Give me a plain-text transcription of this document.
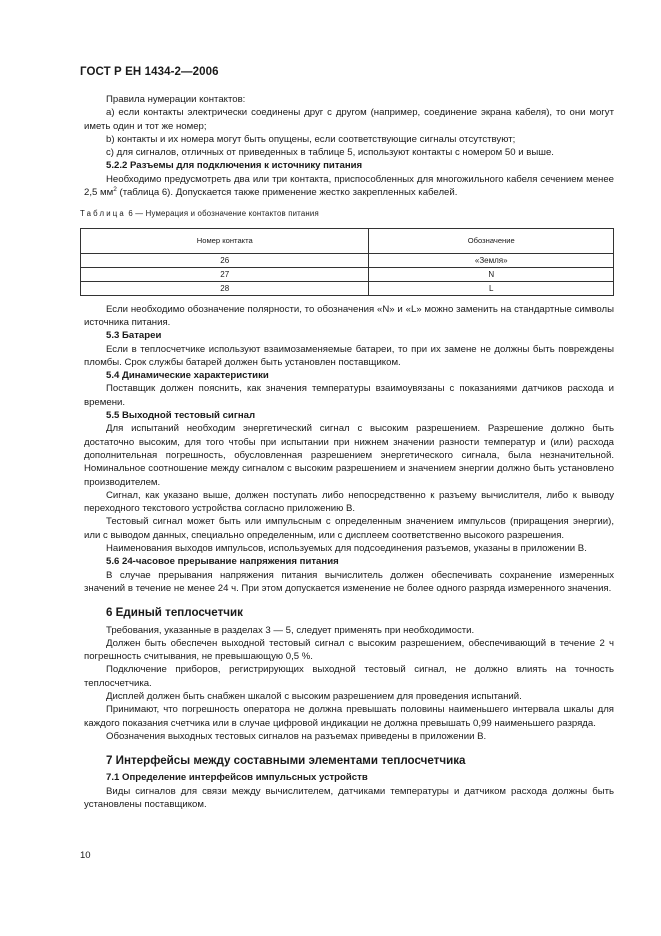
ГОСТ Р ЕН 1434-2—2006

Правила нумерации контактов:

а) если контакты электрически соединены друг с другом (например, соединение экрана кабеля), то они могут иметь один и тот же номер;

b) контакты и их номера могут быть опущены, если соответствующие сигналы отсутствуют;

с) для сигналов, отличных от приведенных в таблице 5, используют контакты с номером 50 и выше.

5.2.2 Разъемы для подключения к источнику питания

Необходимо предусмотреть два или три контакта, приспособленных для многожильного кабеля сечением менее 2,5 $мм^2$ (таблица 6). Допускается также применение жестко закрепленных кабелей.

Таблица 6 — Нумерация и обозначение контактов питания
Номер контакта	Обозначение
26	«Земля»
27	N
28	L

Если необходимо обозначение полярности, то обозначения «N» и «L» можно заменить на стандартные символы источника питания.

5.3 Батареи

Если в теплосчетчике используют взаимозаменяемые батареи, то при их замене не должны быть повреждены пломбы. Срок службы батарей должен быть установлен поставщиком.

5.4 Динамические характеристики

Поставщик должен пояснить, как значения температуры взаимоувязаны с показаниями датчиков расхода и времени.

5.5 Выходной тестовый сигнал

Для испытаний необходим энергетический сигнал с высоким разрешением. Разрешение должно быть достаточно высоким, для того чтобы при испытании при нижнем значении разности температур и (или) расхода дополнительная погрешность, обусловленная разрешением энергетического сигнала, была незначительной. Номинальное соотношение между сигналом с высоким разрешением и значением энергии должно быть установлено производителем.

Сигнал, как указано выше, должен поступать либо непосредственно к разъему вычислителя, либо к выводу переходного текстового устройства согласно приложению В.

Тестовый сигнал может быть или импульсным с определенным значением импульсов (приращения энергии), или с выводом данных, специально определенным, или с дисплеем соответственно высокого разрешения.

Наименования выходов импульсов, используемых для подсоединения разъемов, указаны в приложении В.

5.6 24-часовое прерывание напряжения питания

В случае прерывания напряжения питания вычислитель должен обеспечивать сохранение измеренных значений в течение не менее 24 ч. При этом допускается изменение не более одного разряда измеренного значения.

6 Единый теплосчетчик

Требования, указанные в разделах 3 — 5, следует применять при необходимости.

Должен быть обеспечен выходной тестовый сигнал с высоким разрешением, обеспечивающий в течение 2 ч погрешность считывания, не превышающую 0,5 %.

Подключение приборов, регистрирующих выходной тестовый сигнал, не должно влиять на точность теплосчетчика.

Дисплей должен быть снабжен шкалой с высоким разрешением для проведения испытаний.

Принимают, что погрешность оператора не должна превышать половины наименьшего интервала шкалы для каждого показания счетчика или в случае цифровой индикации не должна превышать 0,99 наименьшего разряда.

Обозначения выходных тестовых сигналов на разъемах приведены в приложении В.

7 Интерфейсы между составными элементами теплосчетчика

7.1 Определение интерфейсов импульсных устройств

Виды сигналов для связи между вычислителем, датчиками температуры и датчиком расхода должны быть установлены поставщиком.

10
